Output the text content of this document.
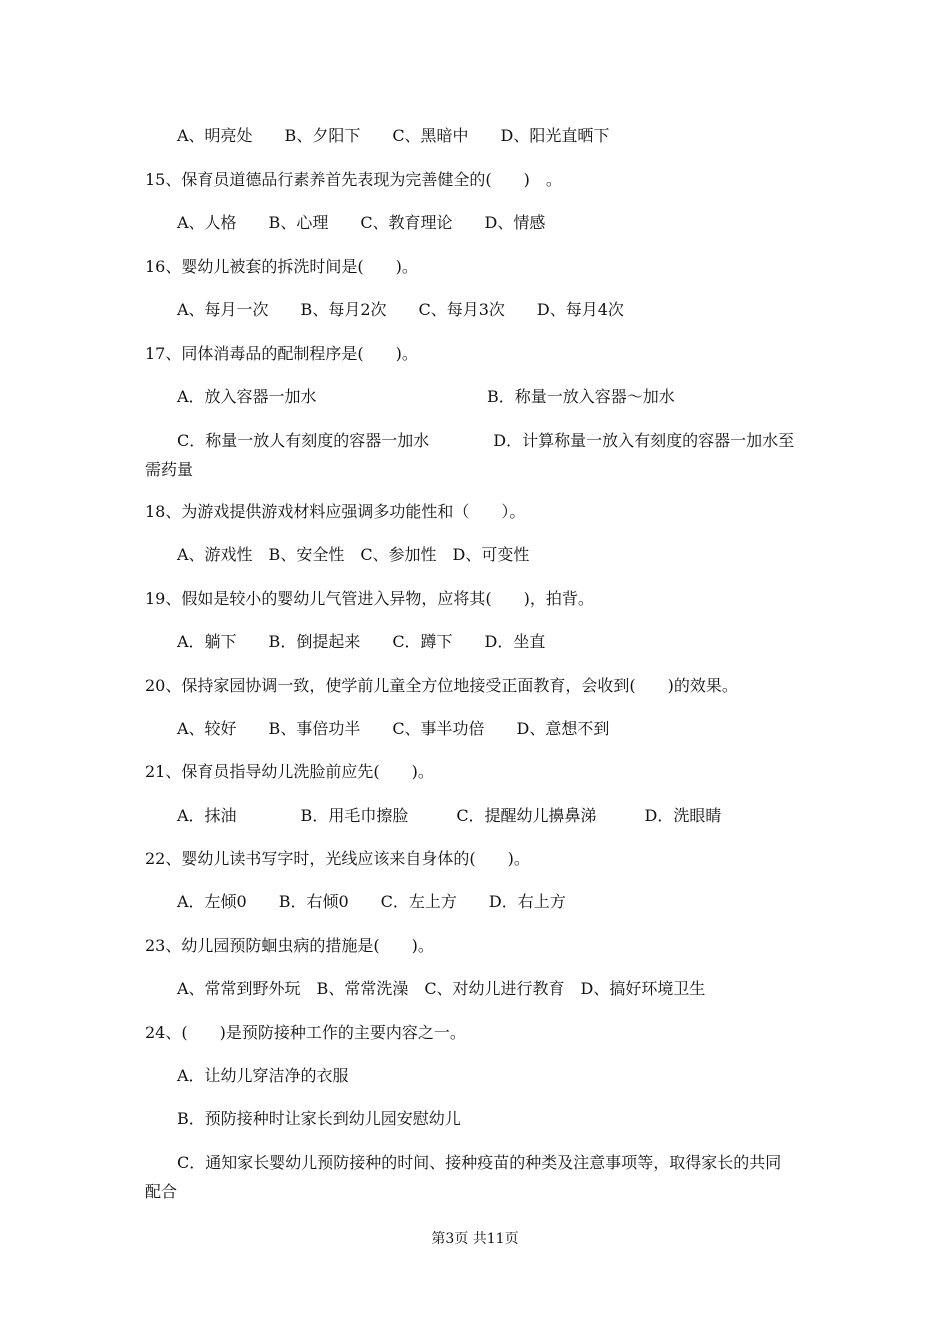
A、明亮处　　B、夕阳下　　C、黑暗中　　D、阳光直晒下

15、保育员道德品行素养首先表现为完善健全的(　　)　。

A、人格　　B、心理　　C、教育理论　　D、情感

16、婴幼儿被套的拆洗时间是(　　)。

A、每月一次　　B、每月2次　　C、每月3次　　D、每月4次

17、同体消毒品的配制程序是(　　)。

A．放入容器一加水	B．称量一放入容器～加水

C．称量一放人有刻度的容器一加水　　　　D．计算称量一放入有刻度的容器一加水至

需药量

18、为游戏提供游戏材料应强调多功能性和（　　）。

A、游戏性　B、安全性　C、参加性　D、可变性

19、假如是较小的婴幼儿气管进入异物，应将其(　　)，拍背。

A．躺下　　B．倒提起来　　C．蹲下　　D．坐直

20、保持家园协调一致，使学前儿童全方位地接受正面教育，会收到(　　)的效果。

A、较好　　B、事倍功半　　C、事半功倍　　D、意想不到

21、保育员指导幼儿洗脸前应先(　　)。

A．抹油　　　　B．用毛巾擦脸　　　C．提醒幼儿擤鼻涕　　　D．洗眼睛

22、婴幼儿读书写字时，光线应该来自身体的(　　)。

A．左倾0　　B．右倾0　　C．左上方　　D．右上方

23、幼儿园预防蛔虫病的措施是(　　)。

A、常常到野外玩　B、常常洗澡　C、对幼儿进行教育　D、搞好环境卫生

24、(　　)是预防接种工作的主要内容之一。

A．让幼儿穿洁净的衣服

B．预防接种时让家长到幼儿园安慰幼儿

C．通知家长婴幼儿预防接种的时间、接种疫苗的种类及注意事项等，取得家长的共同

配合

第3页 共11页
